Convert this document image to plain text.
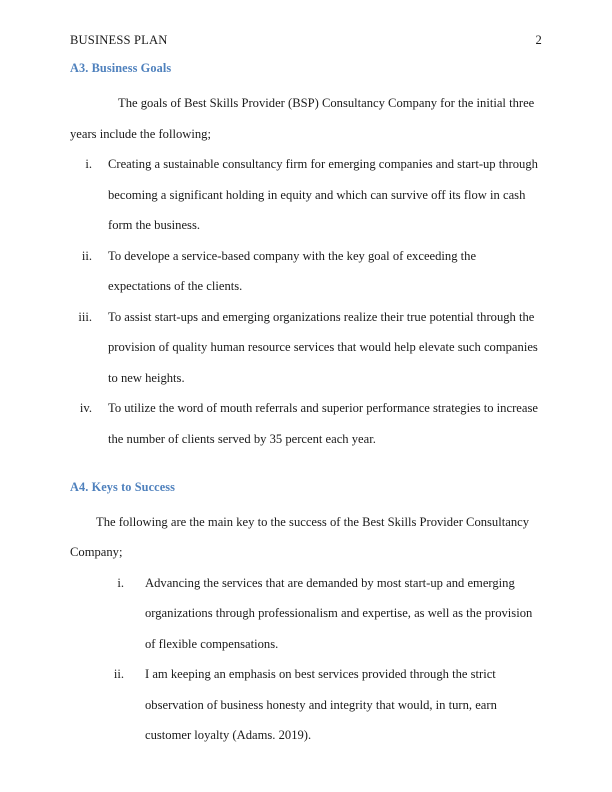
BUSINESS PLAN	2
A3. Business Goals

The goals of Best Skills Provider (BSP) Consultancy Company for the initial three years include the following;

i. Creating a sustainable consultancy firm for emerging companies and start-up through becoming a significant holding in equity and which can survive off its flow in cash form the business.
ii. To develope a service-based company with the key goal of exceeding the expectations of the clients.
iii. To assist start-ups and emerging organizations realize their true potential through the provision of quality human resource services that would help elevate such companies to new heights.
iv. To utilize the word of mouth referrals and superior performance strategies to increase the number of clients served by 35 percent each year.
A4. Keys to Success

The following are the main key to the success of the Best Skills Provider Consultancy Company;

i. Advancing the services that are demanded by most start-up and emerging organizations through professionalism and expertise, as well as the provision of flexible compensations.
ii. I am keeping an emphasis on best services provided through the strict observation of business honesty and integrity that would, in turn, earn customer loyalty (Adams. 2019).
